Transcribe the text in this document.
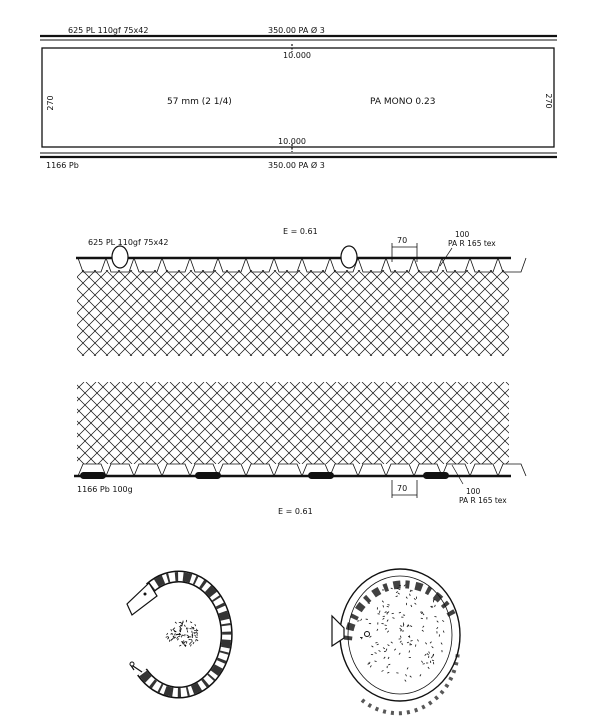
625 PL 110gf 75x42	350.00 PA Ø 3
10.000
270	270
57 mm (2 1/4)	PA MONO 0.23
10.000
1166 Pb	350.00 PA Ø 3
625 PL 110gf 75x42
E = 0.61
70
100
PA R 165 tex
1166 Pb 100g	70	100
PA R 165 tex
E = 0.61
